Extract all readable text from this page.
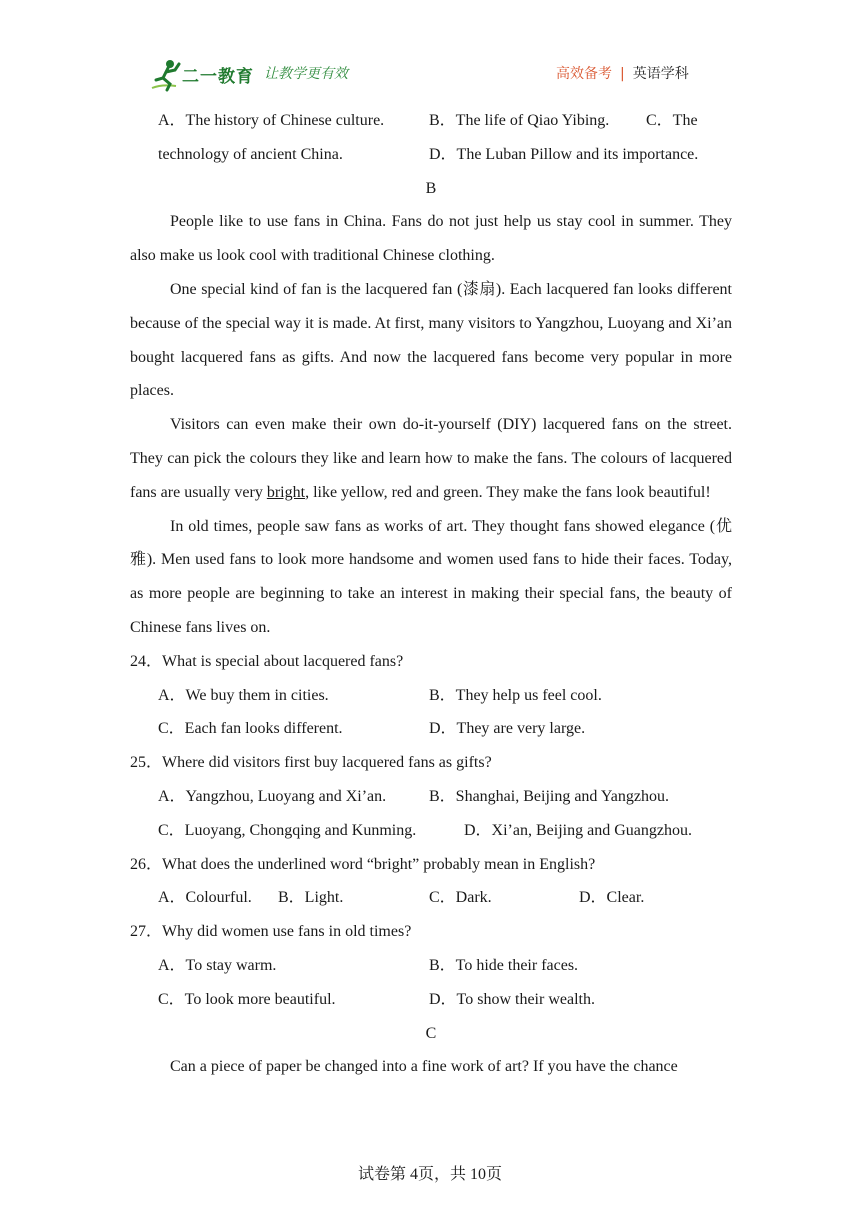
二一教育 让教学更有效	高效备考 | 英语学科
A．The history of Chinese culture.	B．The life of Qiao Yibing. C．The
technology of ancient China.	D．The Luban Pillow and its importance.
B

People like to use fans in China. Fans do not just help us stay cool in summer. They also make us look cool with traditional Chinese clothing.

One special kind of fan is the lacquered fan (漆扇). Each lacquered fan looks different because of the special way it is made. At first, many visitors to Yangzhou, Luoyang and Xi’an bought lacquered fans as gifts. And now the lacquered fans become very popular in more places.

Visitors can even make their own do-it-yourself (DIY) lacquered fans on the street. They can pick the colours they like and learn how to make the fans. The colours of lacquered fans are usually very bright, like yellow, red and green. They make the fans look beautiful!

In old times, people saw fans as works of art. They thought fans showed elegance (优雅). Men used fans to look more handsome and women used fans to hide their faces. Today, as more people are beginning to take an interest in making their special fans, the beauty of Chinese fans lives on.

24．What is special about lacquered fans?
A．We buy them in cities.	B．They help us feel cool.
C．Each fan looks different.	D．They are very large.
25．Where did visitors first buy lacquered fans as gifts?
A．Yangzhou, Luoyang and Xi’an.	B．Shanghai, Beijing and Yangzhou.
C．Luoyang, Chongqing and Kunming.	D．Xi’an, Beijing and Guangzhou.
26．What does the underlined word “bright” probably mean in English?
A．Colourful. B．Light.	C．Dark.	D．Clear.
27．Why did women use fans in old times?
A．To stay warm.	B．To hide their faces.
C．To look more beautiful.	D．To show their wealth.
C

Can a piece of paper be changed into a fine work of art? If you have the chance

试卷第 4页，共 10页
